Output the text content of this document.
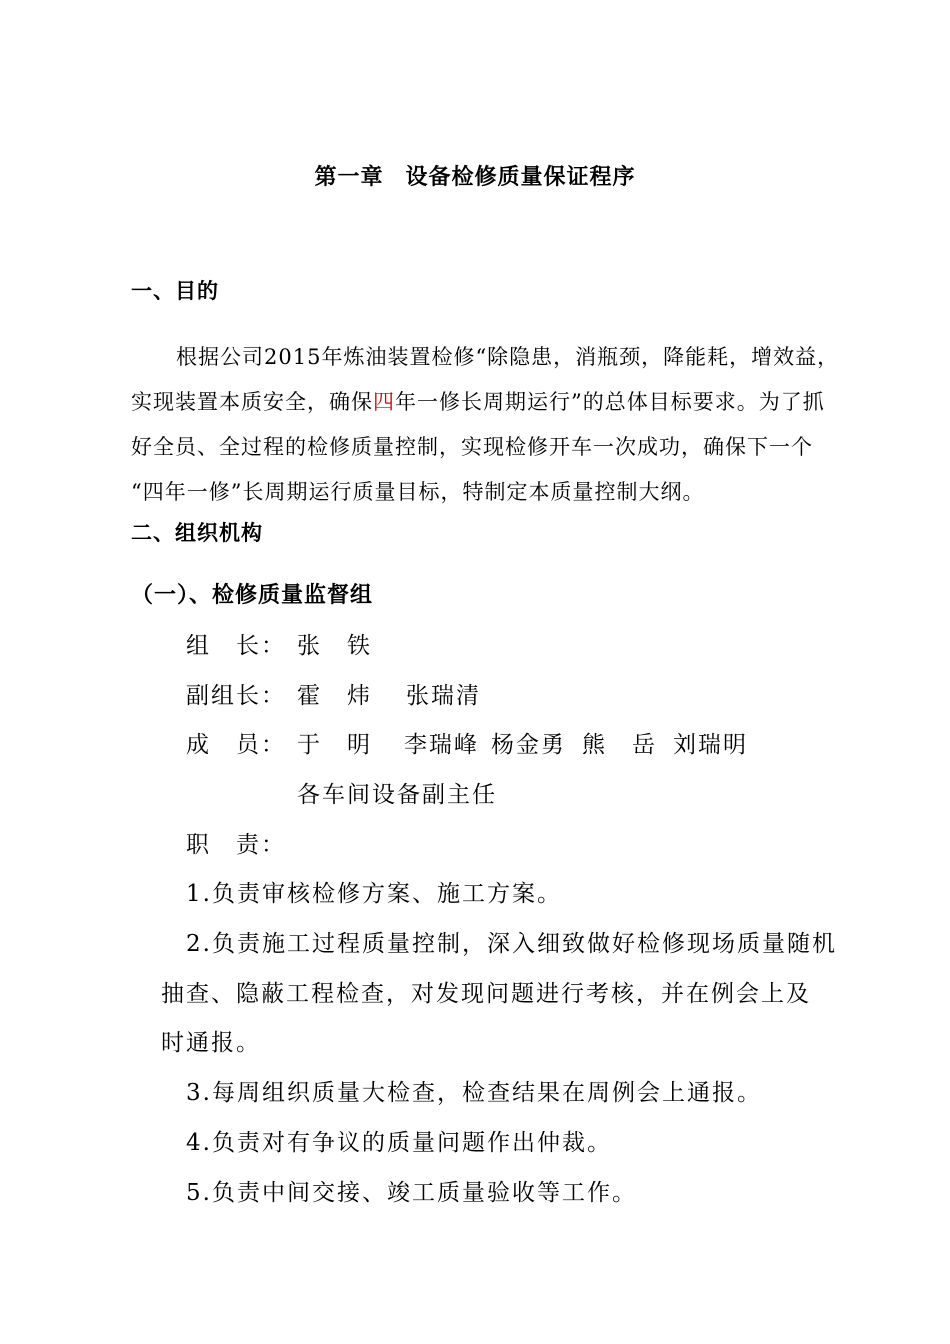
第一章 设备检修质量保证程序
一、目的
根据公司2015年炼油装置检修“除隐患，消瓶颈，降能耗，增效益，
实现装置本质安全，确保四年一修长周期运行”的总体目标要求。为了抓
好全员、全过程的检修质量控制，实现检修开车一次成功，确保下一个
“四年一修”长周期运行质量目标，特制定本质量控制大纲。
二、组织机构
（一）、检修质量监督组
组　长： 张　铁
副组长： 霍　炜 张瑞清
成　员： 于　明 李瑞峰 杨金勇 熊　岳 刘瑞明
各车间设备副主任
职　责：
1.负责审核检修方案、施工方案。
2.负责施工过程质量控制，深入细致做好检修现场质量随机
抽查、隐蔽工程检查，对发现问题进行考核，并在例会上及
时通报。
3.每周组织质量大检查，检查结果在周例会上通报。
4.负责对有争议的质量问题作出仲裁。
5.负责中间交接、竣工质量验收等工作。
